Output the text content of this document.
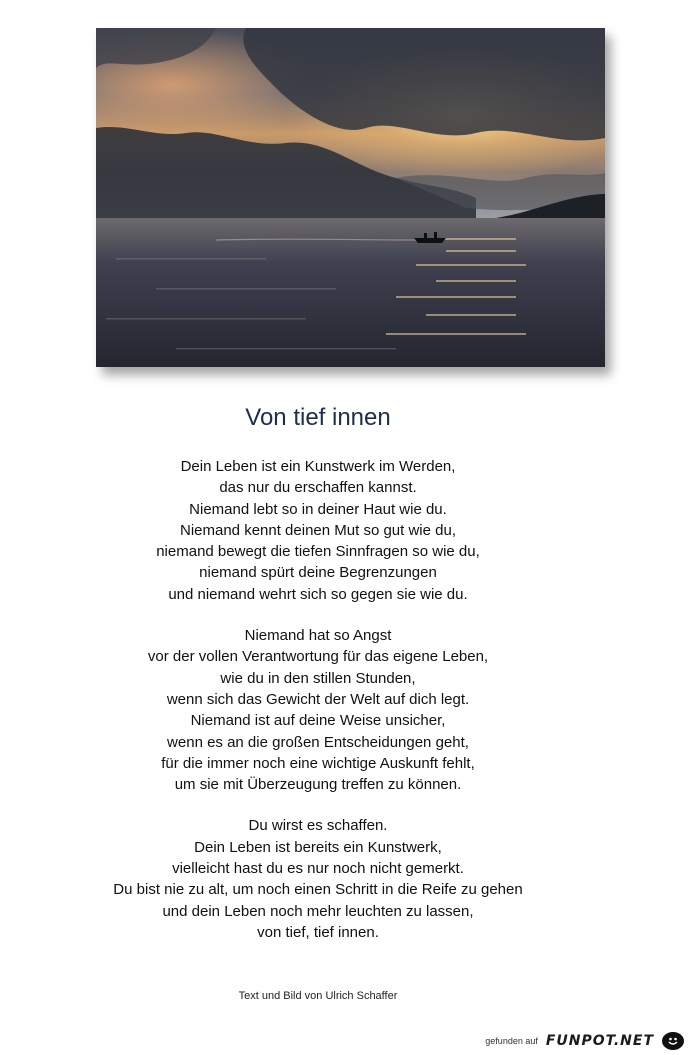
Von tief innen
Dein Leben ist ein Kunstwerk im Werden,
das nur du erschaffen kannst.
Niemand lebt so in deiner Haut wie du.
Niemand kennt deinen Mut so gut wie du,
niemand bewegt die tiefen Sinnfragen so wie du,
niemand spürt deine Begrenzungen
und niemand wehrt sich so gegen sie wie du.
Niemand hat so Angst
vor der vollen Verantwortung für das eigene Leben,
wie du in den stillen Stunden,
wenn sich das Gewicht der Welt auf dich legt.
Niemand ist auf deine Weise unsicher,
wenn es an die großen Entscheidungen geht,
für die immer noch eine wichtige Auskunft fehlt,
um sie mit Überzeugung treffen zu können.
Du wirst es schaffen.
Dein Leben ist bereits ein Kunstwerk,
vielleicht hast du es nur noch nicht gemerkt.
Du bist nie zu alt, um noch einen Schritt in die Reife zu gehen
und dein Leben noch mehr leuchten zu lassen,
von tief, tief innen.
Text und Bild von Ulrich Schaffer
gefunden auf FUNPOT.NET
